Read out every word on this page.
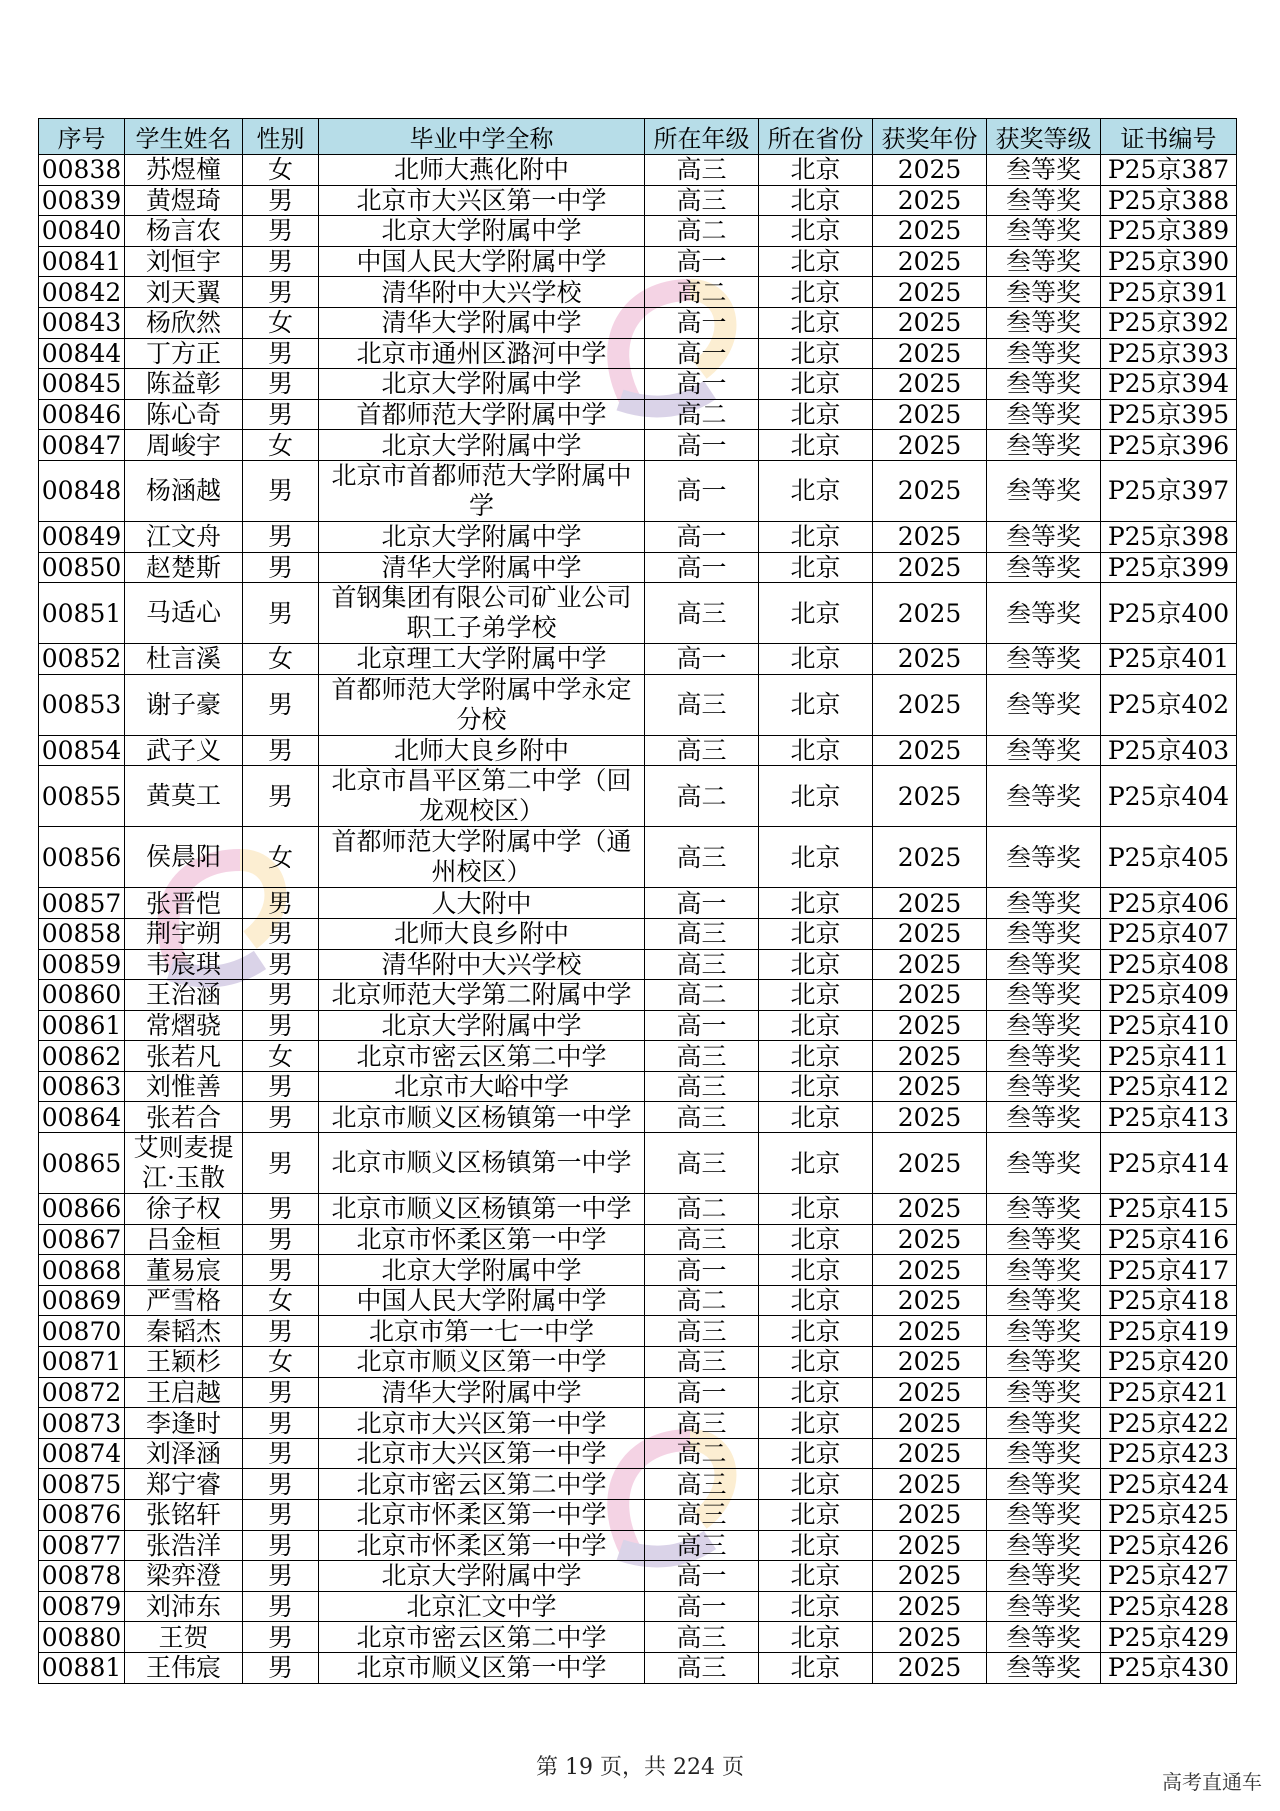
序号	学生姓名	性别	毕业中学全称	所在年级	所在省份	获奖年份	获奖等级	证书编号
00838	苏煜橦	女	北师大燕化附中	高三	北京	2025	叁等奖	P25京387
00839	黄煜琦	男	北京市大兴区第一中学	高三	北京	2025	叁等奖	P25京388
00840	杨言农	男	北京大学附属中学	高二	北京	2025	叁等奖	P25京389
00841	刘恒宇	男	中国人民大学附属中学	高一	北京	2025	叁等奖	P25京390
00842	刘天翼	男	清华附中大兴学校	高二	北京	2025	叁等奖	P25京391
00843	杨欣然	女	清华大学附属中学	高一	北京	2025	叁等奖	P25京392
00844	丁方正	男	北京市通州区潞河中学	高一	北京	2025	叁等奖	P25京393
00845	陈益彰	男	北京大学附属中学	高一	北京	2025	叁等奖	P25京394
00846	陈心奇	男	首都师范大学附属中学	高二	北京	2025	叁等奖	P25京395
00847	周峻宇	女	北京大学附属中学	高一	北京	2025	叁等奖	P25京396
00848	杨涵越	男	北京市首都师范大学附属中学	高一	北京	2025	叁等奖	P25京397
00849	江文舟	男	北京大学附属中学	高一	北京	2025	叁等奖	P25京398
00850	赵楚斯	男	清华大学附属中学	高一	北京	2025	叁等奖	P25京399
00851	马适心	男	首钢集团有限公司矿业公司职工子弟学校	高三	北京	2025	叁等奖	P25京400
00852	杜言溪	女	北京理工大学附属中学	高一	北京	2025	叁等奖	P25京401
00853	谢子豪	男	首都师范大学附属中学永定分校	高三	北京	2025	叁等奖	P25京402
00854	武子义	男	北师大良乡附中	高三	北京	2025	叁等奖	P25京403
00855	黄莫工	男	北京市昌平区第二中学（回龙观校区）	高二	北京	2025	叁等奖	P25京404
00856	侯晨阳	女	首都师范大学附属中学（通州校区）	高三	北京	2025	叁等奖	P25京405
00857	张晋恺	男	人大附中	高一	北京	2025	叁等奖	P25京406
00858	荆宇朔	男	北师大良乡附中	高三	北京	2025	叁等奖	P25京407
00859	韦宸琪	男	清华附中大兴学校	高三	北京	2025	叁等奖	P25京408
00860	王治涵	男	北京师范大学第二附属中学	高二	北京	2025	叁等奖	P25京409
00861	常熠骁	男	北京大学附属中学	高一	北京	2025	叁等奖	P25京410
00862	张若凡	女	北京市密云区第二中学	高三	北京	2025	叁等奖	P25京411
00863	刘惟善	男	北京市大峪中学	高三	北京	2025	叁等奖	P25京412
00864	张若合	男	北京市顺义区杨镇第一中学	高三	北京	2025	叁等奖	P25京413
00865	艾则麦提江·玉散	男	北京市顺义区杨镇第一中学	高三	北京	2025	叁等奖	P25京414
00866	徐子权	男	北京市顺义区杨镇第一中学	高二	北京	2025	叁等奖	P25京415
00867	吕金桓	男	北京市怀柔区第一中学	高三	北京	2025	叁等奖	P25京416
00868	董易宸	男	北京大学附属中学	高一	北京	2025	叁等奖	P25京417
00869	严雪格	女	中国人民大学附属中学	高二	北京	2025	叁等奖	P25京418
00870	秦韬杰	男	北京市第一七一中学	高三	北京	2025	叁等奖	P25京419
00871	王颖杉	女	北京市顺义区第一中学	高三	北京	2025	叁等奖	P25京420
00872	王启越	男	清华大学附属中学	高一	北京	2025	叁等奖	P25京421
00873	李逢时	男	北京市大兴区第一中学	高三	北京	2025	叁等奖	P25京422
00874	刘泽涵	男	北京市大兴区第一中学	高二	北京	2025	叁等奖	P25京423
00875	郑宁睿	男	北京市密云区第二中学	高三	北京	2025	叁等奖	P25京424
00876	张铭轩	男	北京市怀柔区第一中学	高三	北京	2025	叁等奖	P25京425
00877	张浩洋	男	北京市怀柔区第一中学	高三	北京	2025	叁等奖	P25京426
00878	梁弈澄	男	北京大学附属中学	高一	北京	2025	叁等奖	P25京427
00879	刘沛东	男	北京汇文中学	高一	北京	2025	叁等奖	P25京428
00880	王贺	男	北京市密云区第二中学	高三	北京	2025	叁等奖	P25京429
00881	王伟宸	男	北京市顺义区第一中学	高三	北京	2025	叁等奖	P25京430
第 19 页，共 224 页
高考直通车
